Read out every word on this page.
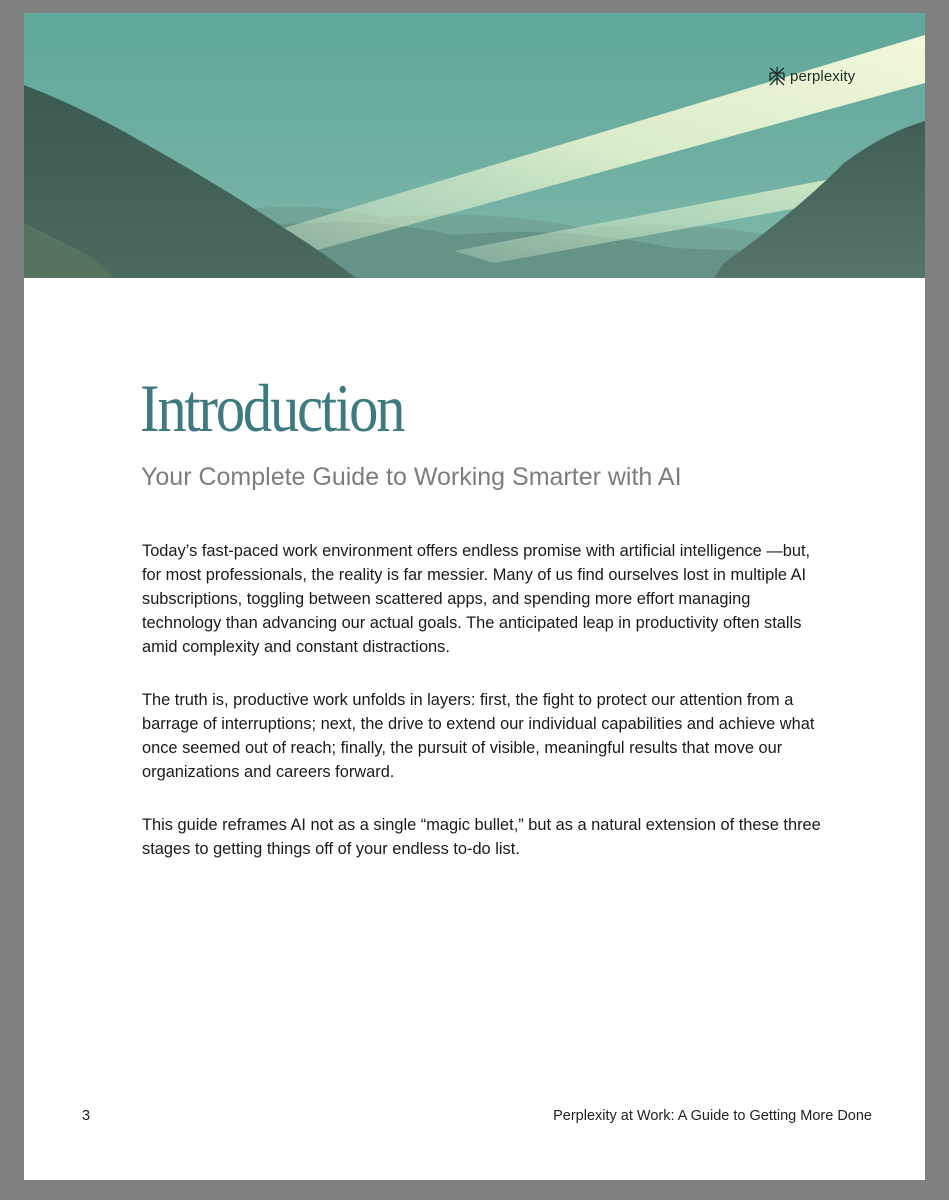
perplexity
Introduction
Your Complete Guide to Working Smarter with AI

Today’s fast-paced work environment offers endless promise with artificial intelligence —but, for most professionals, the reality is far messier. Many of us find ourselves lost in multiple AI subscriptions, toggling between scattered apps, and spending more effort managing technology than advancing our actual goals. The anticipated leap in productivity often stalls amid complexity and constant distractions.

The truth is, productive work unfolds in layers: first, the fight to protect our attention from a barrage of interruptions; next, the drive to extend our individual capabilities and achieve what once seemed out of reach; finally, the pursuit of visible, meaningful results that move our organizations and careers forward.

This guide reframes AI not as a single “magic bullet,” but as a natural extension of these three stages to getting things off of your endless to-do list.

3	Perplexity at Work: A Guide to Getting More Done
